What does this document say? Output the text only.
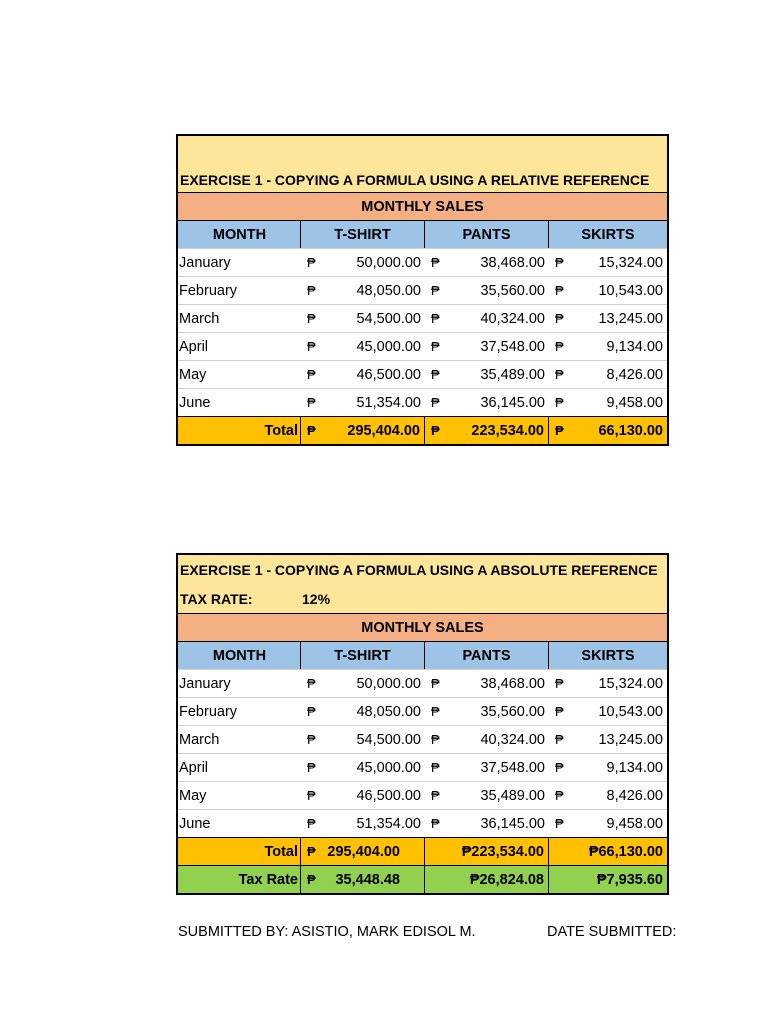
EXERCISE 1 - COPYING A FORMULA USING A RELATIVE REFERENCE
MONTHLY SALES
MONTH	T-SHIRT	PANTS	SKIRTS
January	₱	50,000.00 ₱	38,468.00 ₱ 15,324.00
February	₱	48,050.00 ₱	35,560.00 ₱ 10,543.00
March	₱	54,500.00 ₱	40,324.00 ₱ 13,245.00
April	₱	45,000.00 ₱	37,548.00 ₱	9,134.00
May	₱	46,500.00 ₱	35,489.00 ₱	8,426.00
June	₱	51,354.00 ₱	36,145.00 ₱	9,458.00
Total ₱ 295,404.00 ₱ 223,534.00 ₱ 66,130.00
EXERCISE 1 - COPYING A FORMULA USING A ABSOLUTE REFERENCE
TAX RATE:	12%
MONTHLY SALES
MONTH	T-SHIRT	PANTS	SKIRTS
January	₱	50,000.00 ₱	38,468.00 ₱ 15,324.00
February	₱	48,050.00 ₱	35,560.00 ₱ 10,543.00
March	₱	54,500.00 ₱	40,324.00 ₱ 13,245.00
April	₱	45,000.00 ₱	37,548.00 ₱	9,134.00
May	₱	46,500.00 ₱	35,489.00 ₱	8,426.00
June	₱	51,354.00 ₱	36,145.00 ₱	9,458.00
Total ₱ 295,404.00	₱223,534.00	₱66,130.00
Tax Rate ₱ 35,448.48	₱26,824.08	₱7,935.60
SUBMITTED BY: ASISTIO, MARK EDISOL M.	DATE SUBMITTED:
